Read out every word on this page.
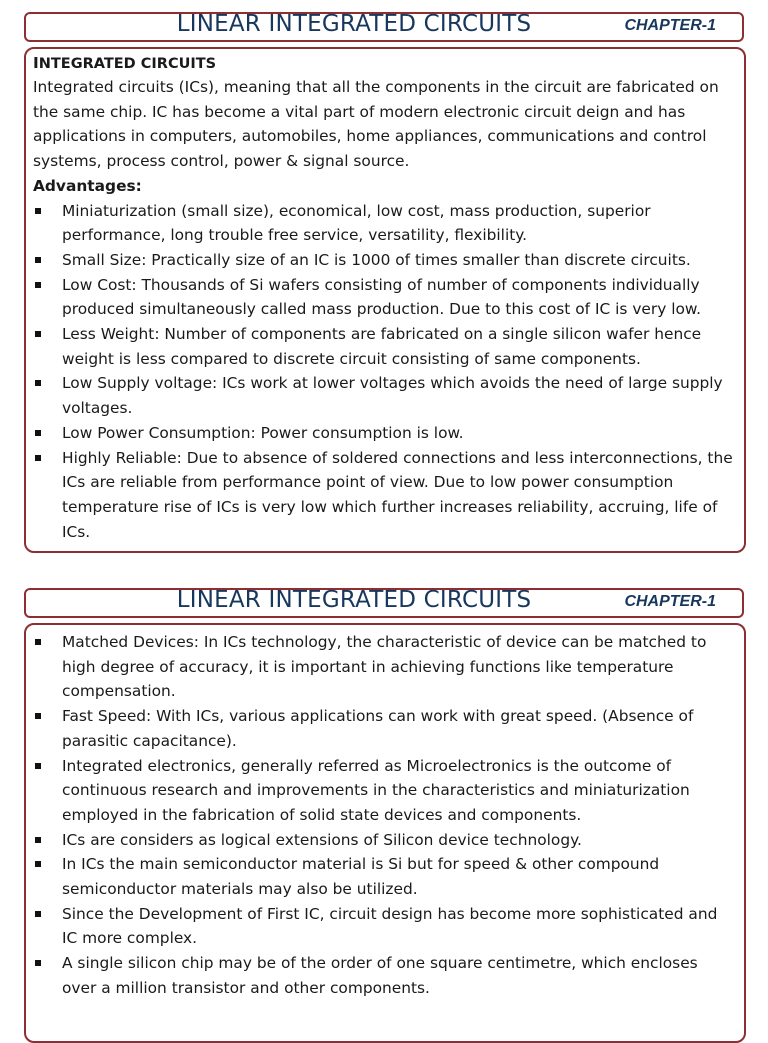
LINEAR INTEGRATED CIRCUITS	CHAPTER-1
INTEGRATED CIRCUITS

Integrated circuits (ICs), meaning that all the components in the circuit are fabricated on the same chip. IC has become a vital part of modern electronic circuit deign and has applications in computers, automobiles, home appliances, communications and control systems, process control, power & signal source.

Advantages:
Miniaturization (small size), economical, low cost, mass production, superior performance, long trouble free service, versatility, flexibility.
Small Size: Practically size of an IC is 1000 of times smaller than discrete circuits.
Low Cost: Thousands of Si wafers consisting of number of components individually produced simultaneously called mass production. Due to this cost of IC is very low.
Less Weight: Number of components are fabricated on a single silicon wafer hence weight is less compared to discrete circuit consisting of same components.
Low Supply voltage: ICs work at lower voltages which avoids the need of large supply voltages.
Low Power Consumption: Power consumption is low.
Highly Reliable: Due to absence of soldered connections and less interconnections, the ICs are reliable from performance point of view. Due to low power consumption temperature rise of ICs is very low which further increases reliability, accruing, life of ICs.
LINEAR INTEGRATED CIRCUITS	CHAPTER-1
Matched Devices: In ICs technology, the characteristic of device can be matched to high degree of accuracy, it is important in achieving functions like temperature compensation.
Fast Speed: With ICs, various applications can work with great speed. (Absence of parasitic capacitance).
Integrated electronics, generally referred as Microelectronics is the outcome of continuous research and improvements in the characteristics and miniaturization employed in the fabrication of solid state devices and components.
ICs are considers as logical extensions of Silicon device technology.
In ICs the main semiconductor material is Si but for speed & other compound semiconductor materials may also be utilized.
Since the Development of First IC, circuit design has become more sophisticated and IC more complex.
A single silicon chip may be of the order of one square centimetre, which encloses over a million transistor and other components.
